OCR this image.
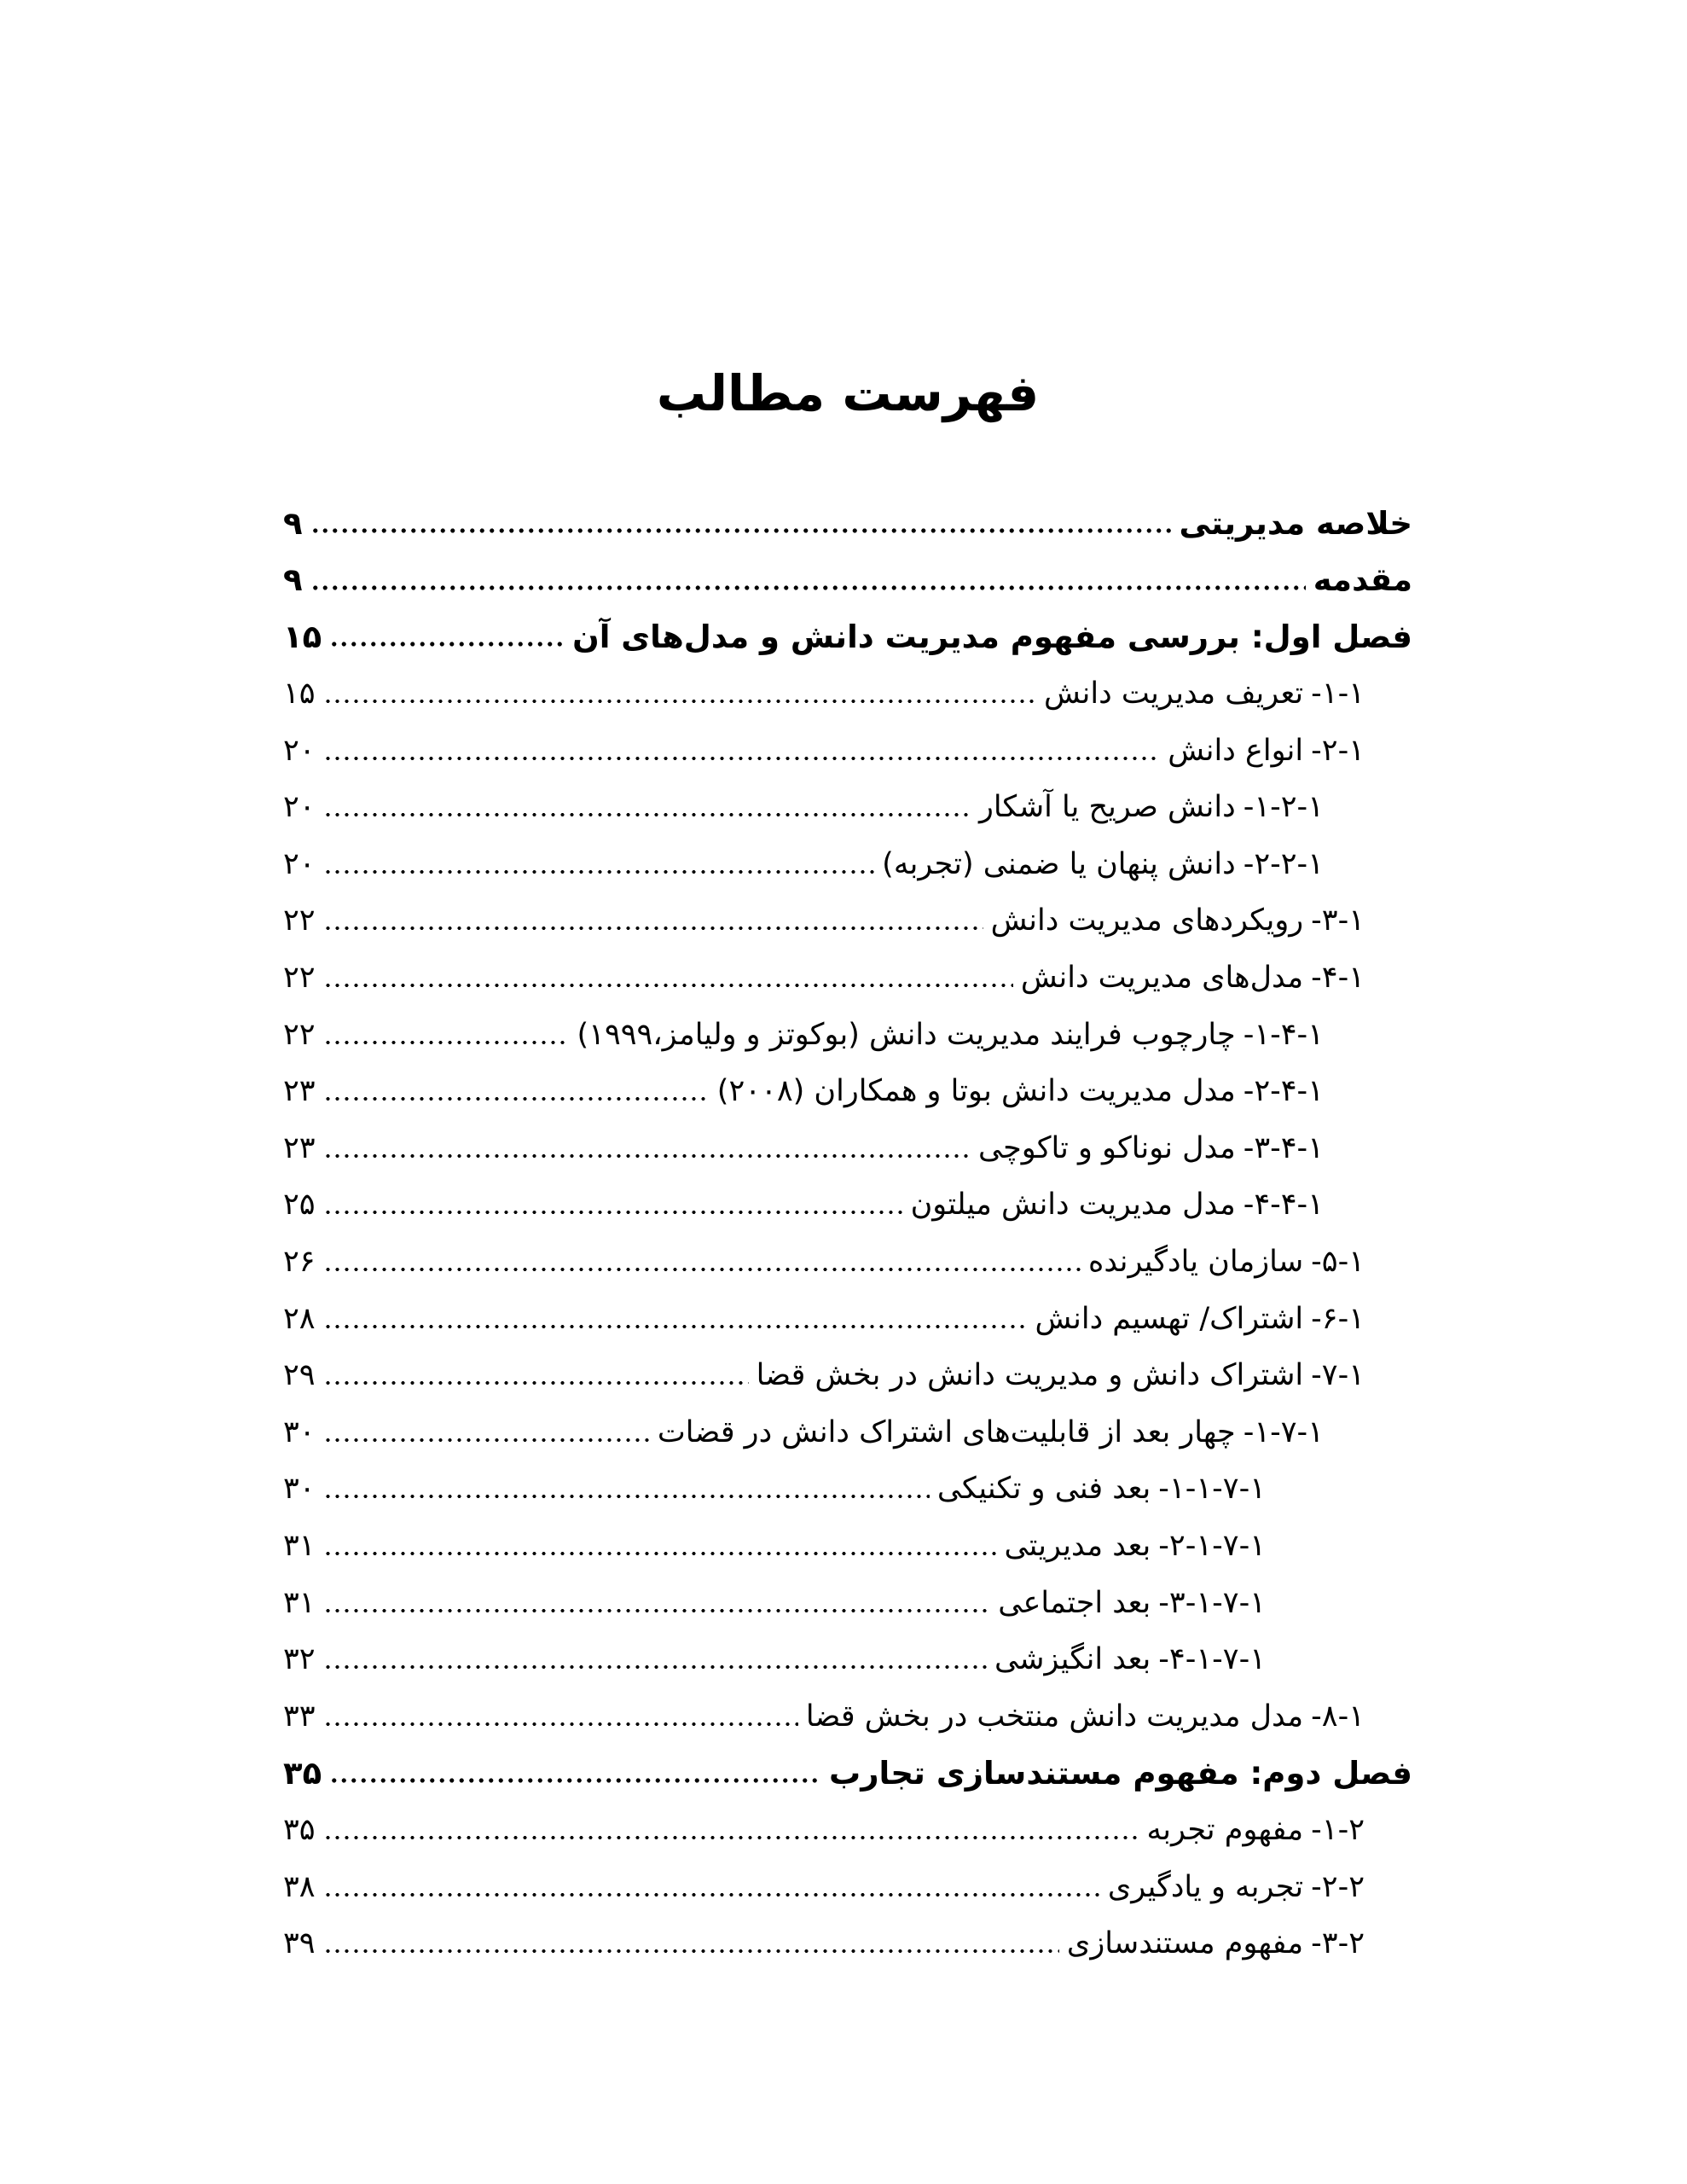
فهرست مطالب
خلاصه مدیریتی
۹
مقدمه
۹
فصل اول: بررسی مفهوم مدیریت دانش و مدل‌های آن
۱۵
۱-۱-
تعریف مدیریت دانش
۱۵
۱-۲-
انواع دانش
۲۰
۱-۲-۱-
دانش صریح یا آشکار
۲۰
۱-۲-۲-
دانش پنهان یا ضمنی (تجربه)
۲۰
۱-۳-
رویکردهای مدیریت دانش
۲۲
۱-۴-
مدل‌های مدیریت دانش
۲۲
۱-۴-۱-
چارچوب فرایند مدیریت دانش (بوکوتز و ولیامز،۱۹۹۹)
۲۲
۱-۴-۲-
مدل مدیریت دانش بوتا و همکاران (۲۰۰۸)
۲۳
۱-۴-۳-
مدل نوناکو و تاکوچی
۲۳
۱-۴-۴-
مدل مدیریت دانش میلتون
۲۵
۱-۵-
سازمان یادگیرنده
۲۶
۱-۶-
اشتراک/ تهسیم دانش
۲۸
۱-۷-
اشتراک دانش و مدیریت دانش در بخش قضا
۲۹
۱-۷-۱-
چهار بعد از قابلیت‌های اشتراک دانش در قضات
۳۰
۱-۷-۱-۱-
بعد فنی و تکنیکی
۳۰
۱-۷-۱-۲-
بعد مدیریتی
۳۱
۱-۷-۱-۳-
بعد اجتماعی
۳۱
۱-۷-۱-۴-
بعد انگیزشی
۳۲
۱-۸-
مدل مدیریت دانش منتخب در بخش قضا
۳۳
فصل دوم: مفهوم مستندسازی تجارب
۳۵
۲-۱-
مفهوم تجربه
۳۵
۲-۲-
تجربه و یادگیری
۳۸
۲-۳-
مفهوم مستندسازی
۳۹
